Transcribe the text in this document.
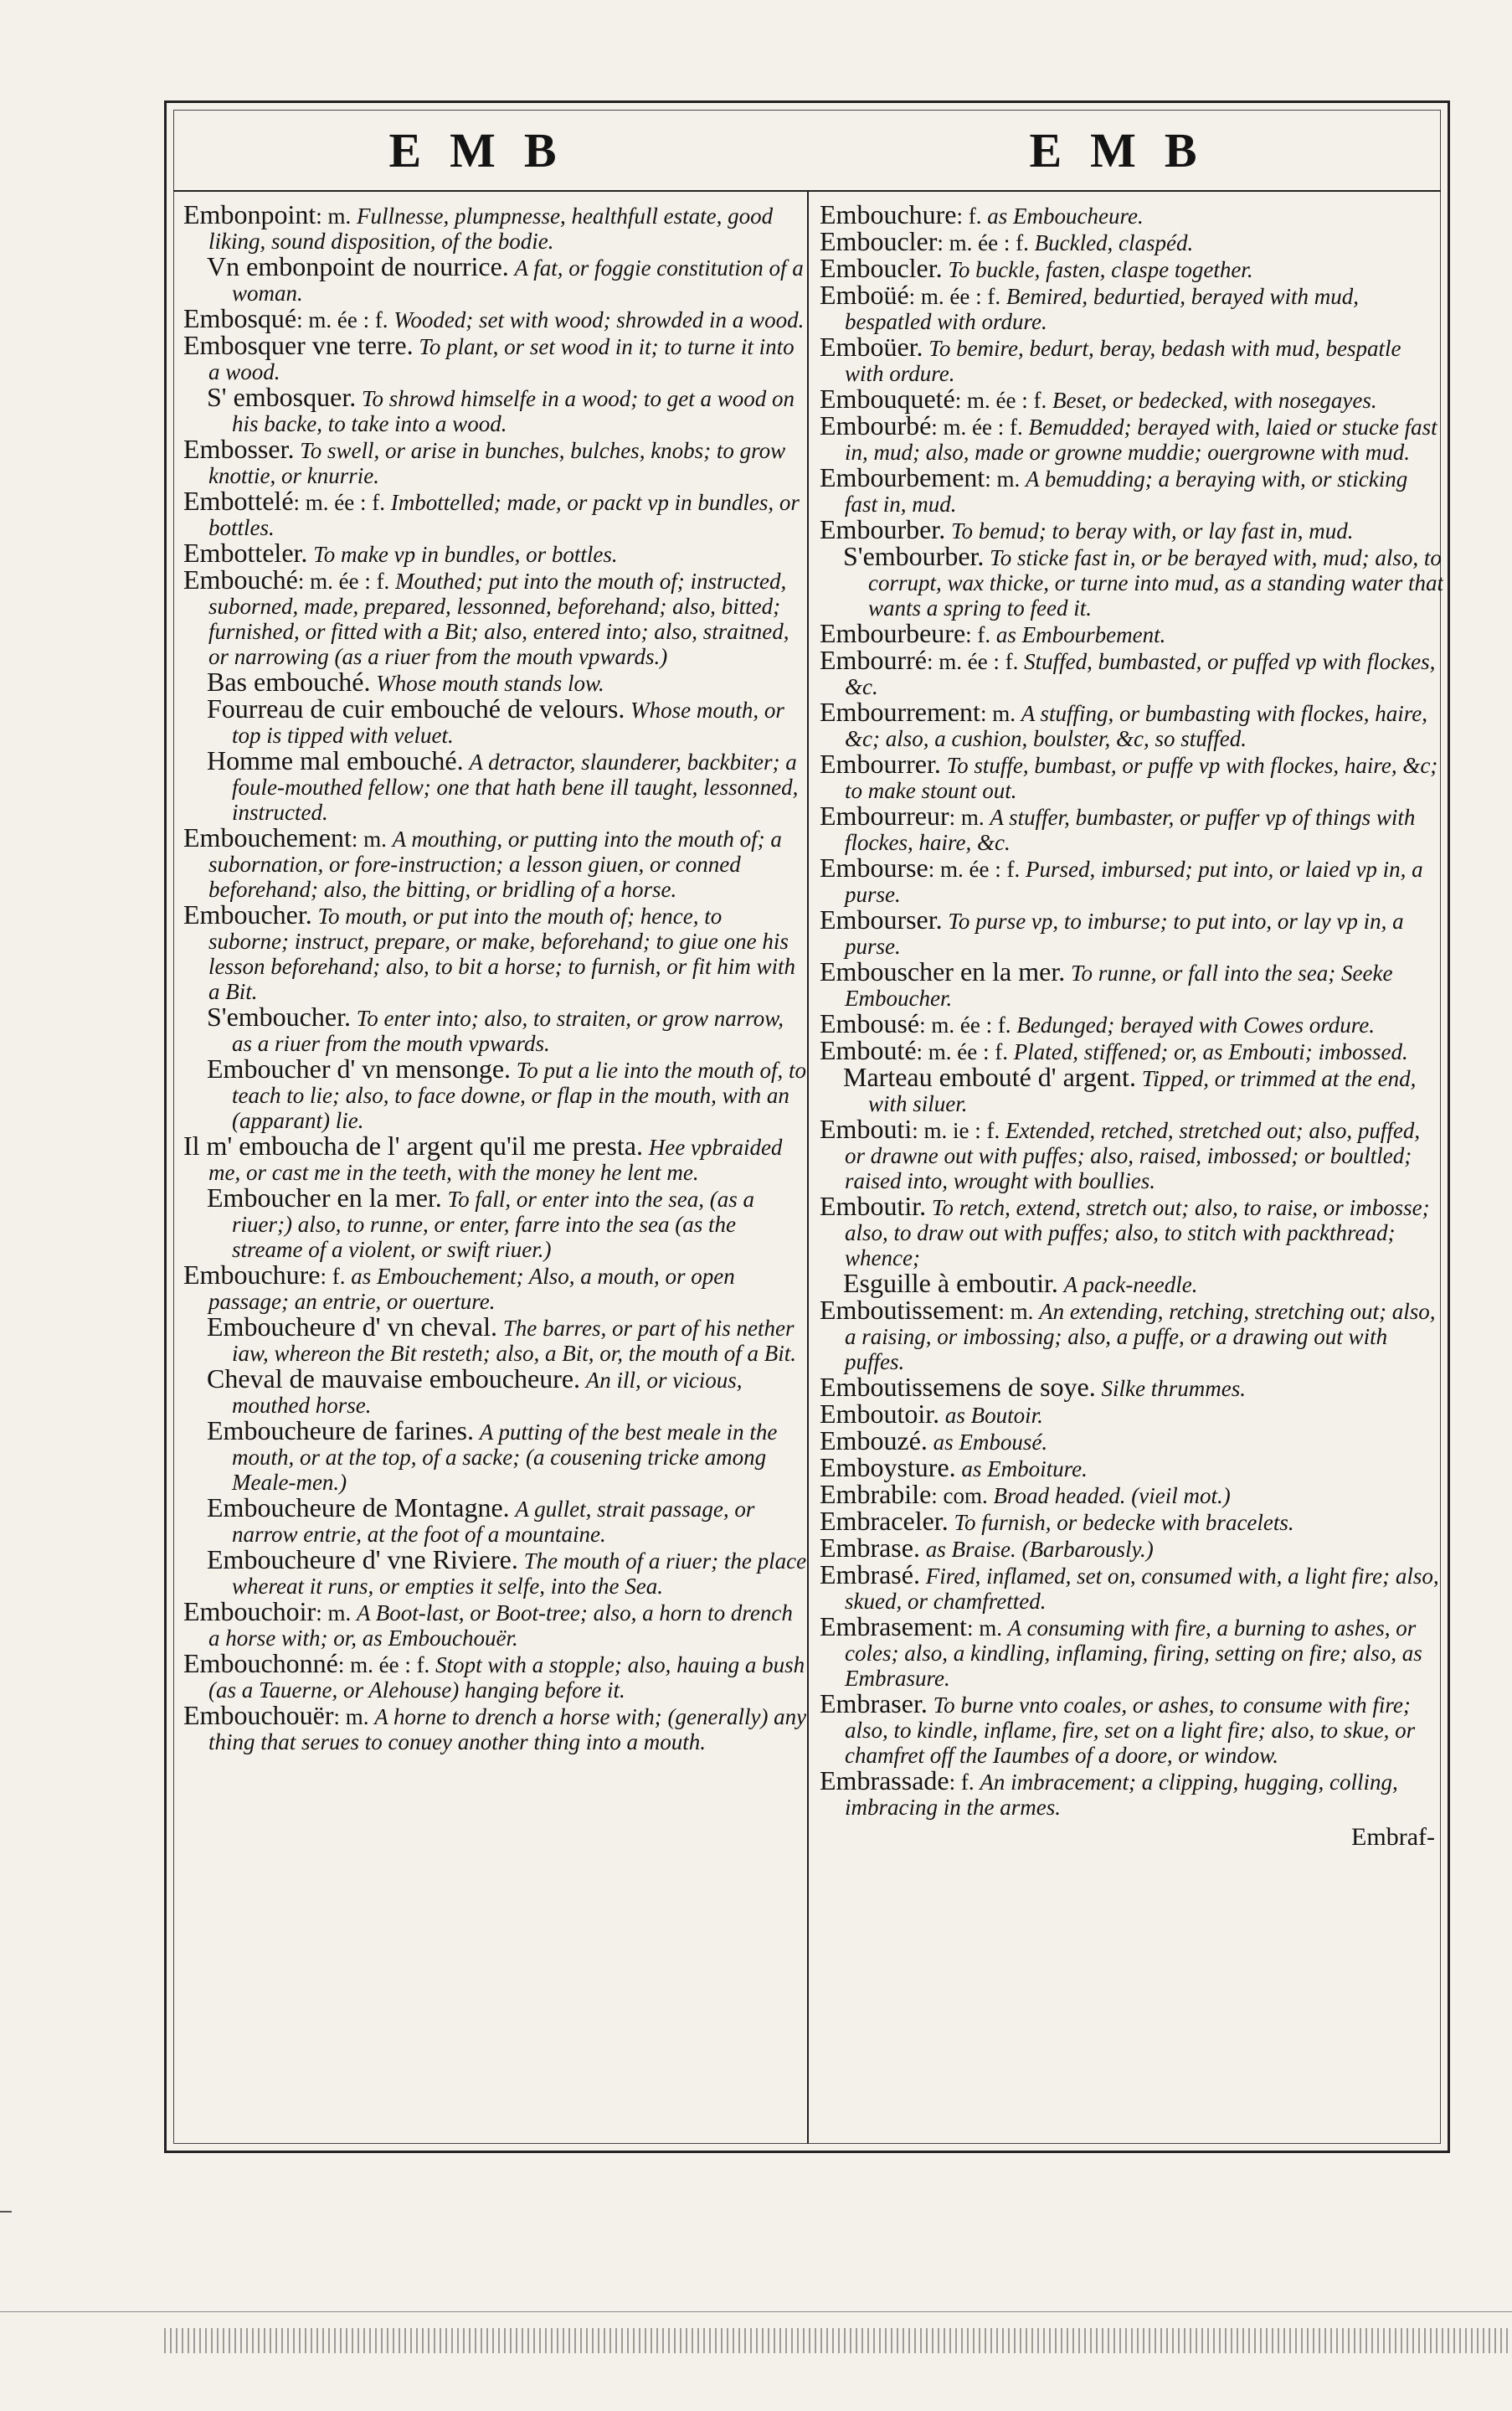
EMB	EMB

Embonpoint: m. Fullnesse, plumpnesse, healthfull estate, good liking, sound disposition, of the bodie.

Vn embonpoint de nourrice. A fat, or foggie constitution of a woman.

Embosqué: m. ée : f. Wooded; set with wood; shrowded in a wood.

Embosquer vne terre. To plant, or set wood in it; to turne it into a wood.

S' embosquer. To shrowd himselfe in a wood; to get a wood on his backe, to take into a wood.

Embosser. To swell, or arise in bunches, bulches, knobs; to grow knottie, or knurrie.

Embottelé: m. ée : f. Imbottelled; made, or packt vp in bundles, or bottles.

Embotteler. To make vp in bundles, or bottles.

Embouché: m. ée : f. Mouthed; put into the mouth of; instructed, suborned, made, prepared, lessonned, beforehand; also, bitted; furnished, or fitted with a Bit; also, entered into; also, straitned, or narrowing (as a riuer from the mouth vpwards.)

Bas embouché. Whose mouth stands low.

Fourreau de cuir embouché de velours. Whose mouth, or top is tipped with veluet.

Homme mal embouché. A detractor, slaunderer, backbiter; a foule-mouthed fellow; one that hath bene ill taught, lessonned, instructed.

Embouchement: m. A mouthing, or putting into the mouth of; a subornation, or fore-instruction; a lesson giuen, or conned beforehand; also, the bitting, or bridling of a horse.

Emboucher. To mouth, or put into the mouth of; hence, to suborne; instruct, prepare, or make, beforehand; to giue one his lesson beforehand; also, to bit a horse; to furnish, or fit him with a Bit.

S'emboucher. To enter into; also, to straiten, or grow narrow, as a riuer from the mouth vpwards.

Emboucher d' vn mensonge. To put a lie into the mouth of, to teach to lie; also, to face downe, or flap in the mouth, with an (apparant) lie.

Il m' emboucha de l' argent qu'il me presta. Hee vpbraided me, or cast me in the teeth, with the money he lent me.

Emboucher en la mer. To fall, or enter into the sea, (as a riuer;) also, to runne, or enter, farre into the sea (as the streame of a violent, or swift riuer.)

Embouchure: f. as Embouchement; Also, a mouth, or open passage; an entrie, or ouerture.

Emboucheure d' vn cheval. The barres, or part of his nether iaw, whereon the Bit resteth; also, a Bit, or, the mouth of a Bit.

Cheval de mauvaise emboucheure. An ill, or vicious, mouthed horse.

Emboucheure de farines. A putting of the best meale in the mouth, or at the top, of a sacke; (a cousening tricke among Meale-men.)

Emboucheure de Montagne. A gullet, strait passage, or narrow entrie, at the foot of a mountaine.

Emboucheure d' vne Riviere. The mouth of a riuer; the place whereat it runs, or empties it selfe, into the Sea.

Embouchoir: m. A Boot-last, or Boot-tree; also, a horn to drench a horse with; or, as Embouchouër.

Embouchonné: m. ée : f. Stopt with a stopple; also, hauing a bush (as a Tauerne, or Alehouse) hanging before it.

Embouchouër: m. A horne to drench a horse with; (generally) any thing that serues to conuey another thing into a mouth.

Embouchure: f. as Emboucheure.

Emboucler: m. ée : f. Buckled, claspéd.

Emboucler. To buckle, fasten, claspe together.

Emboüé: m. ée : f. Bemired, bedurtied, berayed with mud, bespatled with ordure.

Emboüer. To bemire, bedurt, beray, bedash with mud, bespatle with ordure.

Embouqueté: m. ée : f. Beset, or bedecked, with nosegayes.

Embourbé: m. ée : f. Bemudded; berayed with, laied or stucke fast in, mud; also, made or growne muddie; ouergrowne with mud.

Embourbement: m. A bemudding; a beraying with, or sticking fast in, mud.

Embourber. To bemud; to beray with, or lay fast in, mud.

S'embourber. To sticke fast in, or be berayed with, mud; also, to corrupt, wax thicke, or turne into mud, as a standing water that wants a spring to feed it.

Embourbeure: f. as Embourbement.

Embourré: m. ée : f. Stuffed, bumbasted, or puffed vp with flockes, &c.

Embourrement: m. A stuffing, or bumbasting with flockes, haire, &c; also, a cushion, boulster, &c, so stuffed.

Embourrer. To stuffe, bumbast, or puffe vp with flockes, haire, &c; to make stount out.

Embourreur: m. A stuffer, bumbaster, or puffer vp of things with flockes, haire, &c.

Embourse: m. ée : f. Pursed, imbursed; put into, or laied vp in, a purse.

Embourser. To purse vp, to imburse; to put into, or lay vp in, a purse.

Embouscher en la mer. To runne, or fall into the sea; Seeke Emboucher.

Embousé: m. ée : f. Bedunged; berayed with Cowes ordure.

Embouté: m. ée : f. Plated, stiffened; or, as Embouti; imbossed.

Marteau embouté d' argent. Tipped, or trimmed at the end, with siluer.

Embouti: m. ie : f. Extended, retched, stretched out; also, puffed, or drawne out with puffes; also, raised, imbossed; or boultled; raised into, wrought with boullies.

Emboutir. To retch, extend, stretch out; also, to raise, or imbosse; also, to draw out with puffes; also, to stitch with packthread; whence;

Esguille à emboutir. A pack-needle.

Emboutissement: m. An extending, retching, stretching out; also, a raising, or imbossing; also, a puffe, or a drawing out with puffes.

Emboutissemens de soye. Silke thrummes.

Emboutoir. as Boutoir.

Embouzé. as Embousé.

Emboysture. as Emboiture.

Embrabile: com. Broad headed. (vieil mot.)

Embraceler. To furnish, or bedecke with bracelets.

Embrase. as Braise. (Barbarously.)

Embrasé. Fired, inflamed, set on, consumed with, a light fire; also, skued, or chamfretted.

Embrasement: m. A consuming with fire, a burning to ashes, or coles; also, a kindling, inflaming, firing, setting on fire; also, as Embrasure.

Embraser. To burne vnto coales, or ashes, to consume with fire; also, to kindle, inflame, fire, set on a light fire; also, to skue, or chamfret off the Iaumbes of a doore, or window.

Embrassade: f. An imbracement; a clipping, hugging, colling, imbracing in the armes.

Embraf-
